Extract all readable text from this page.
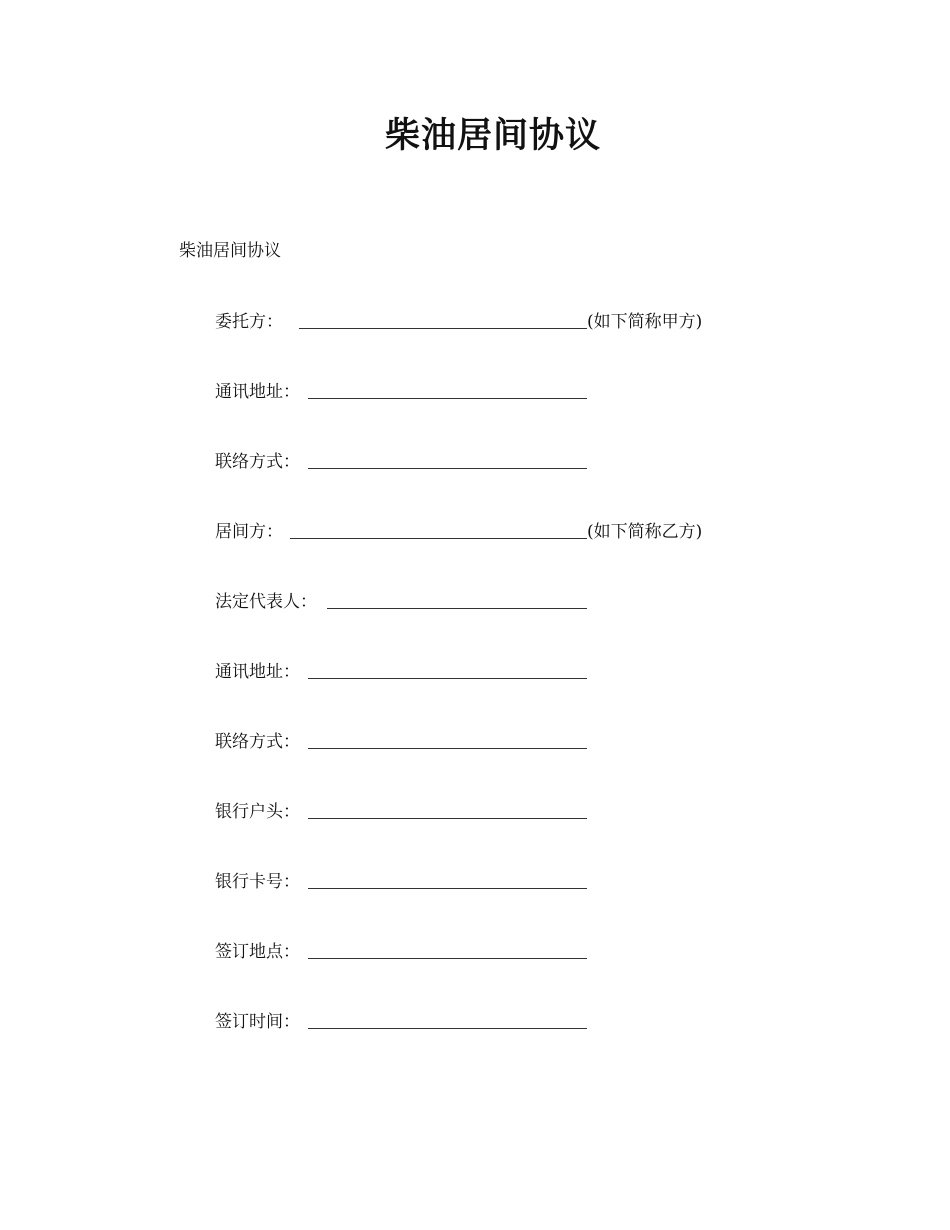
柴油居间协议

柴油居间协议

委托方：	(如下简称甲方)
通讯地址：
联络方式：
居间方：	(如下简称乙方)
法定代表人：
通讯地址：
联络方式：
银行户头：
银行卡号：
签订地点：
签订时间：
